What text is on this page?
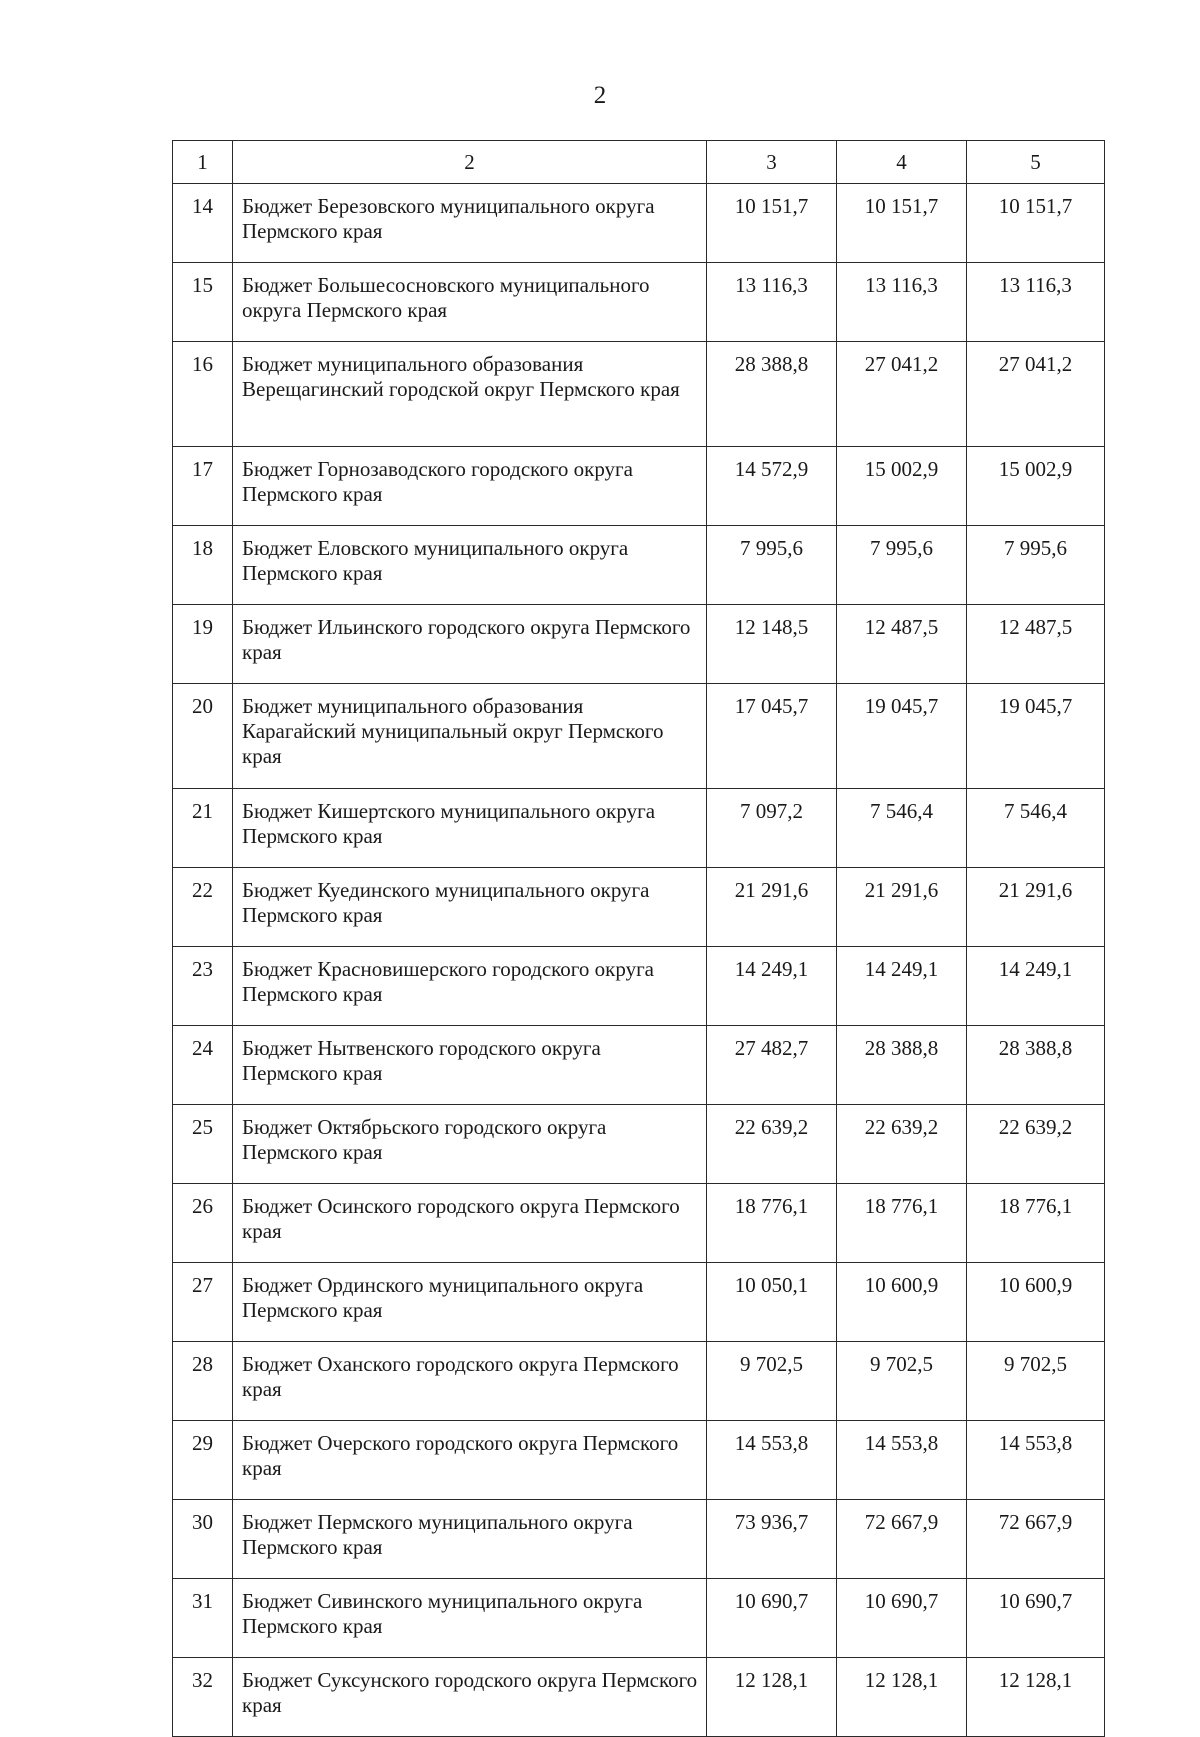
2
1	2	3	4	5
14	Бюджет Березовского муниципального округа Пермского края	10 151,7	10 151,7	10 151,7
15	Бюджет Большесосновского муниципального округа Пермского края	13 116,3	13 116,3	13 116,3
16	Бюджет муниципального образования Верещагинский городской округ Пермского края	28 388,8	27 041,2	27 041,2
17	Бюджет Горнозаводского городского округа Пермского края	14 572,9	15 002,9	15 002,9
18	Бюджет Еловского муниципального округа Пермского края	7 995,6	7 995,6	7 995,6
19	Бюджет Ильинского городского округа Пермского края	12 148,5	12 487,5	12 487,5
20	Бюджет муниципального образования Карагайский муниципальный округ Пермского края	17 045,7	19 045,7	19 045,7
21	Бюджет Кишертского муниципального округа Пермского края	7 097,2	7 546,4	7 546,4
22	Бюджет Куединского муниципального округа Пермского края	21 291,6	21 291,6	21 291,6
23	Бюджет Красновишерского городского округа Пермского края	14 249,1	14 249,1	14 249,1
24	Бюджет Нытвенского городского округа Пермского края	27 482,7	28 388,8	28 388,8
25	Бюджет Октябрьского городского округа Пермского края	22 639,2	22 639,2	22 639,2
26	Бюджет Осинского городского округа Пермского края	18 776,1	18 776,1	18 776,1
27	Бюджет Ординского муниципального округа Пермского края	10 050,1	10 600,9	10 600,9
28	Бюджет Оханского городского округа Пермского края	9 702,5	9 702,5	9 702,5
29	Бюджет Очерского городского округа Пермского края	14 553,8	14 553,8	14 553,8
30	Бюджет Пермского муниципального округа Пермского края	73 936,7	72 667,9	72 667,9
31	Бюджет Сивинского муниципального округа Пермского края	10 690,7	10 690,7	10 690,7
32	Бюджет Суксунского городского округа Пермского края	12 128,1	12 128,1	12 128,1
